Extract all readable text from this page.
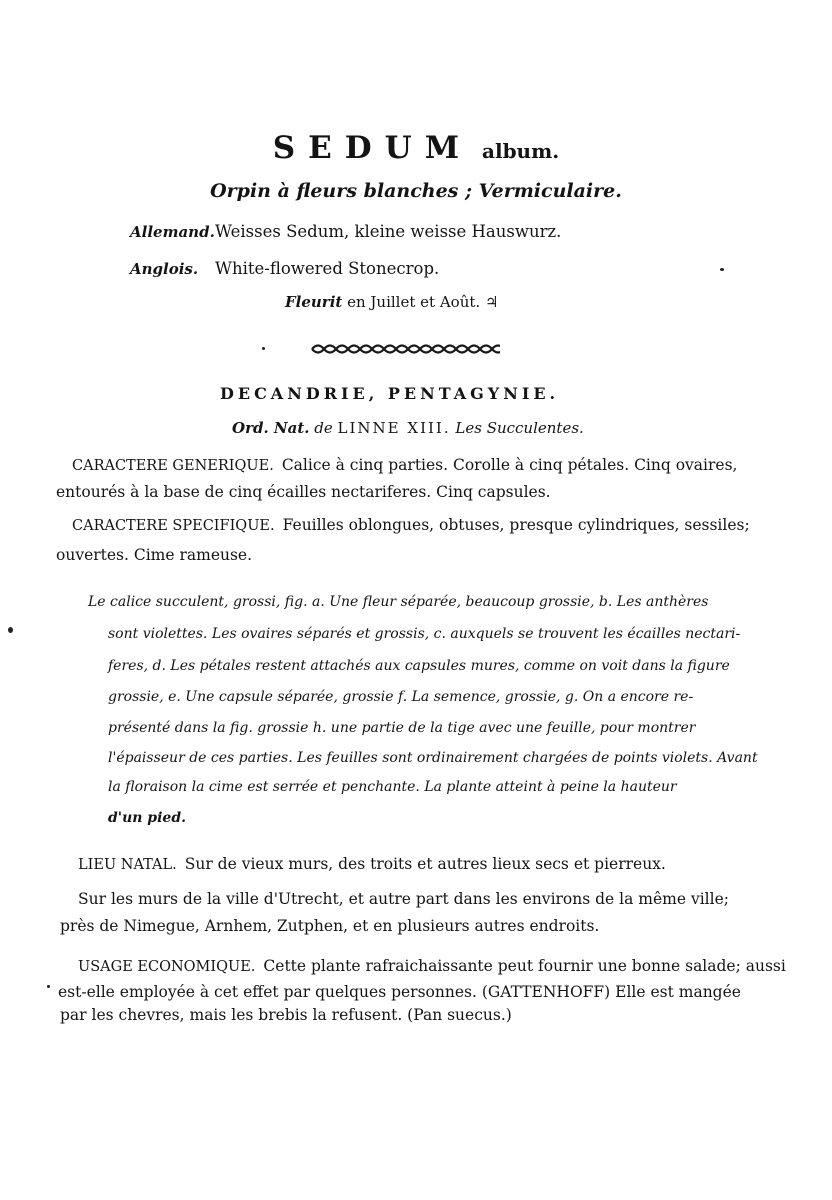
SEDUM album.
Orpin à fleurs blanches ; Vermiculaire.
Allemand.Weisses Sedum, kleine weisse Hauswurz.
Anglois. White-flowered Stonecrop.
Fleurit en Juillet et Août. ♃
DECANDRIE, PENTAGYNIE.
Ord. Nat. de LINNE XIII. Les Succulentes.
CARACTERE GENERIQUE. Calice à cinq parties. Corolle à cinq pétales. Cinq ovaires,
entourés à la base de cinq écailles nectariferes. Cinq capsules.
CARACTERE SPECIFIQUE. Feuilles oblongues, obtuses, presque cylindriques, sessiles;
ouvertes. Cime rameuse.
Le calice succulent, grossi, fig. a. Une fleur séparée, beaucoup grossie, b. Les anthères
sont violettes. Les ovaires séparés et grossis, c. auxquels se trouvent les écailles nectari-
feres, d. Les pétales restent attachés aux capsules mures, comme on voit dans la figure
grossie, e. Une capsule séparée, grossie f. La semence, grossie, g. On a encore re-
présenté dans la fig. grossie h. une partie de la tige avec une feuille, pour montrer
l'épaisseur de ces parties. Les feuilles sont ordinairement chargées de points violets. Avant
la floraison la cime est serrée et penchante. La plante atteint à peine la hauteur
d'un pied.
LIEU NATAL. Sur de vieux murs, des troits et autres lieux secs et pierreux.
Sur les murs de la ville d'Utrecht, et autre part dans les environs de la même ville;
près de Nimegue, Arnhem, Zutphen, et en plusieurs autres endroits.
USAGE ECONOMIQUE. Cette plante rafraichaissante peut fournir une bonne salade; aussi
est-elle employée à cet effet par quelques personnes. (GATTENHOFF) Elle est mangée
par les chevres, mais les brebis la refusent. (Pan suecus.)
